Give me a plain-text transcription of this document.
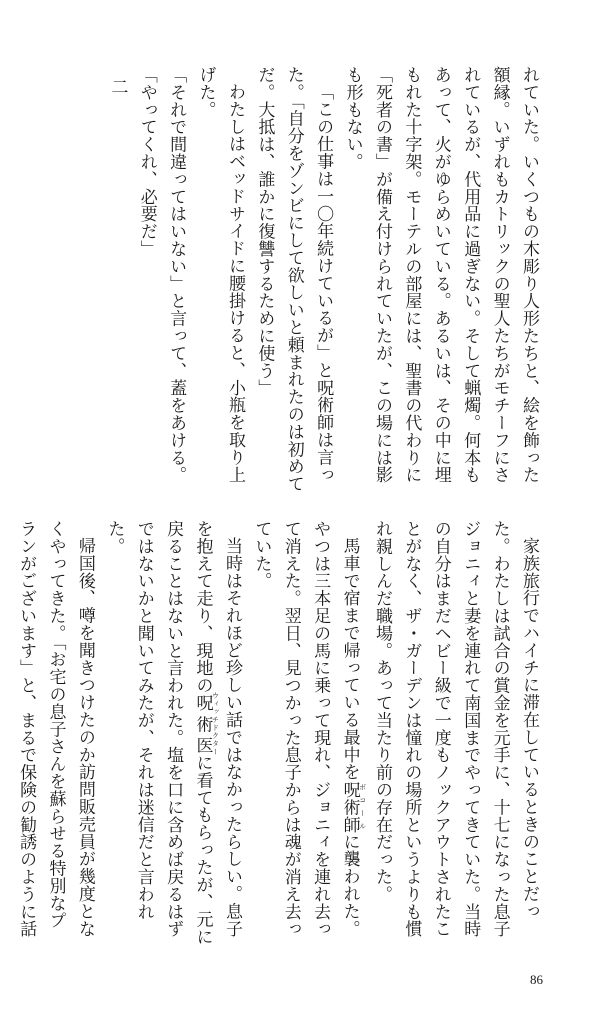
れていた。いくつもの木彫り人形たちと、絵を飾った額縁。いずれもカトリックの聖人たちがモチーフにされているが、代用品に過ぎない。そして蝋燭。何本もあって、火がゆらめいている。あるいは、その中に埋もれた十字架。モーテルの部屋には、聖書の代わりに「死者の書」が備え付けられていたが、この場には影も形もない。

「この仕事は一〇年続けているが」と呪術師は言った。「自分をゾンビにして欲しいと頼まれたのは初めてだ。大抵は、誰かに復讐するために使う」

わたしはベッドサイドに腰掛けると、小瓶を取り上げた。

「それで間違ってはいない」と言って、蓋をあける。

「やってくれ、必要だ」

二

家族旅行でハイチに滞在しているときのことだった。わたしは試合の賞金を元手に、十七になった息子ジョニィと妻を連れて南国までやってきていた。当時の自分はまだヘビー級で一度もノックアウトされたことがなく、ザ・ガーデンは憧れの場所というよりも慣れ親しんだ職場。あって当たり前の存在だった。

馬車で宿まで帰っている最中を呪術師 ボコールに襲われた。やつは三本足の馬に乗って現れ、ジョニィを連れ去って消えた。翌日、見つかった息子からは魂が消え去っていた。

当時はそれほど珍しい話ではなかったらしい。息子を抱えて走り、現地の呪術医 ウィッチドクターに看てもらったが、元に戻ることはないと言われた。塩を口に含めば戻るはずではないかと聞いてみたが、それは迷信だと言われた。

帰国後、噂を聞きつけたのか訪問販売員が幾度となくやってきた。「お宅の息子さんを蘇らせる特別なプランがございます」と、まるで保険の勧誘のように話

86
